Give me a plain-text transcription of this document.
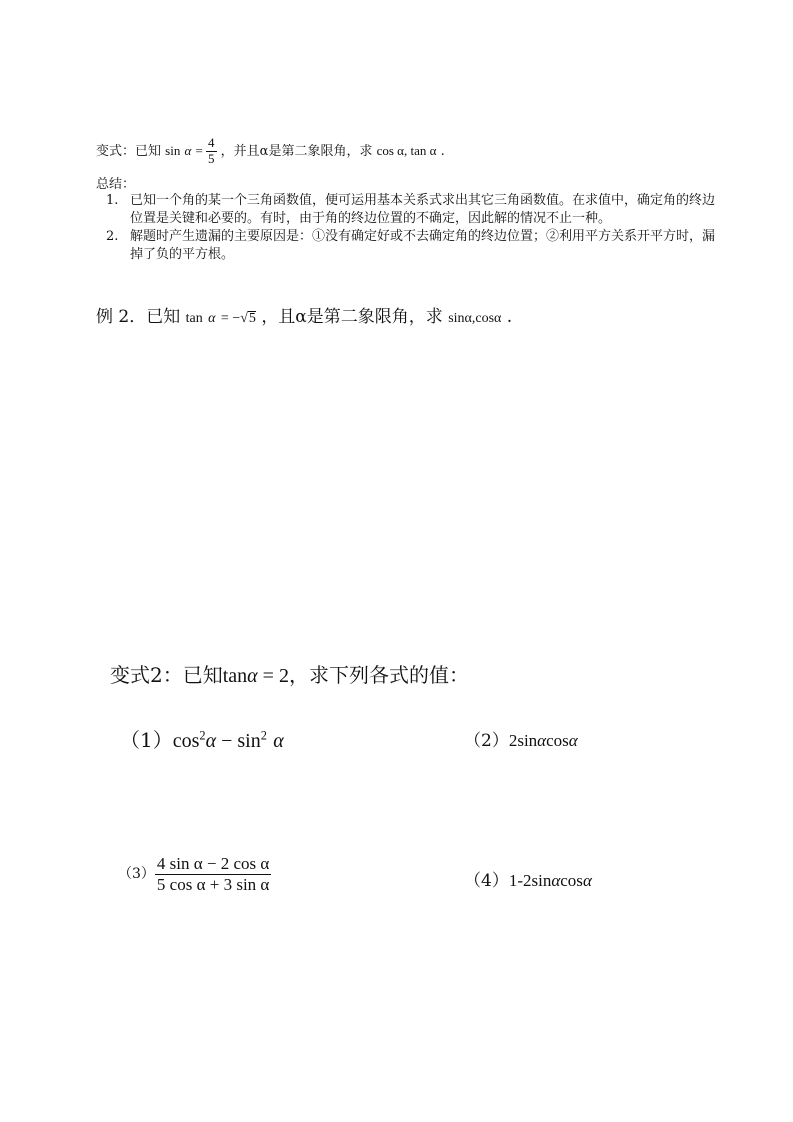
变式：已知 $\sin \alpha = \frac{4}{5}$ ，并且α是第二象限角，求 cos α, tan α .
总结：
1. 已知一个角的某一个三角函数值，便可运用基本关系式求出其它三角函数值。在求值中，确定角的终边位置是关键和必要的。有时，由于角的终边位置的不确定，因此解的情况不止一种。
2. 解题时产生遗漏的主要原因是：①没有确定好或不去确定角的终边位置；②利用平方关系开平方时，漏掉了负的平方根。
例 2．已知 tan α = −√5 ，且α是第二象限角，求 sinα,cosα .
变式2：已知tanα = 2，求下列各式的值：
$(1)\cos^2\alpha - \sin^2 \alpha$	（2）2sinαcosα
$(3) \frac{\text{4 sin α − 2 cos α}}{\text{5 cos α + 3 sin α}}$	（4）1-2sinαcosα
